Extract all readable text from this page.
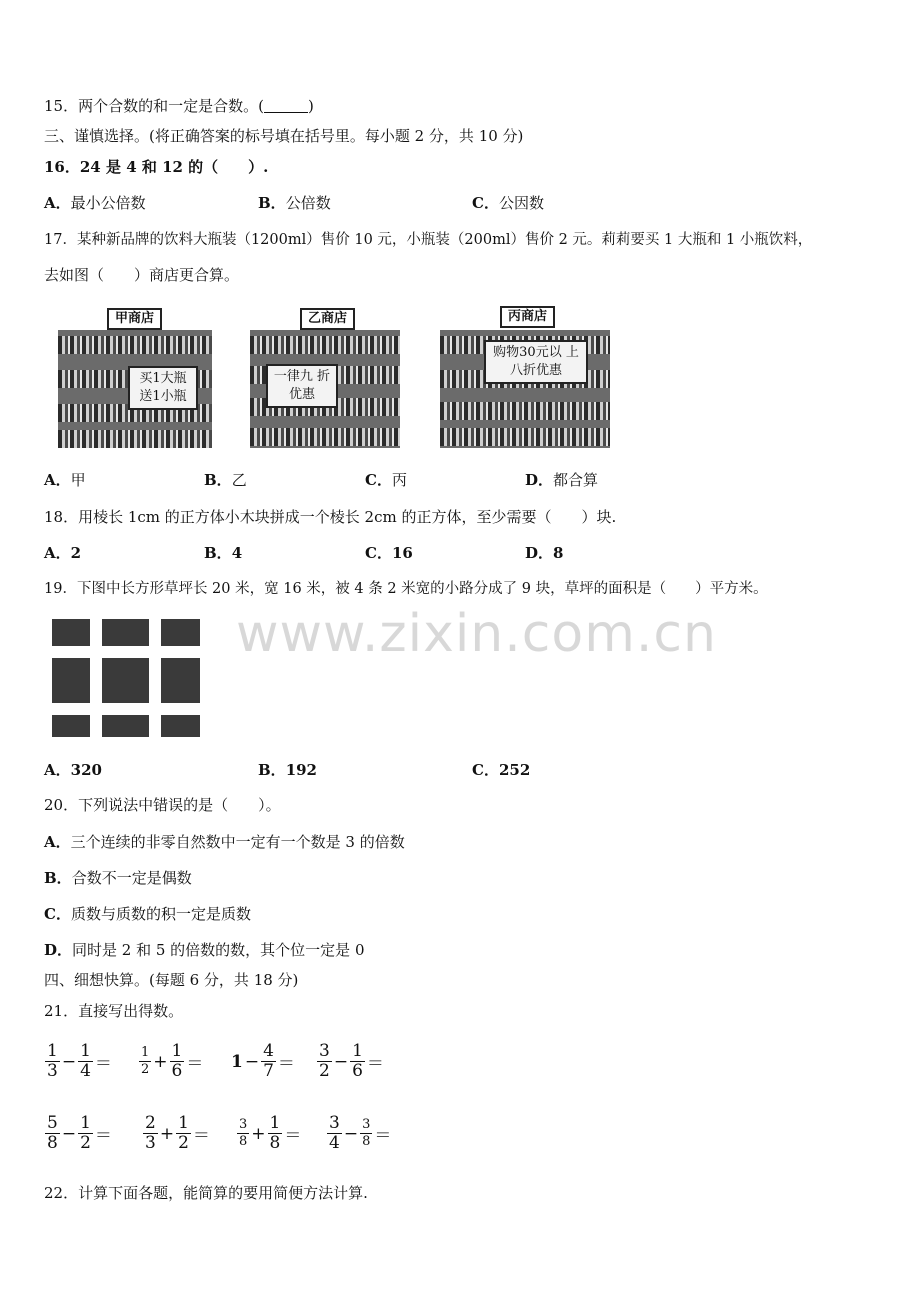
www.zixin.com.cn
15．两个合数的和一定是合数。(	)
三、谨慎选择。(将正确答案的标号填在括号里。每小题 2 分，共 10 分)
16．24 是 4 和 12 的（　　）.
A．最小公倍数	B．公倍数	C．公因数
17．某种新品牌的饮料大瓶装（1200ml）售价 10 元，小瓶装（200ml）售价 2 元。莉莉要买 1 大瓶和 1 小瓶饮料，
去如图（　　）商店更合算。
买1大瓶 送1小瓶
甲商店
一律九 折优惠
乙商店
购物30元以 上八折优惠
丙商店
A．甲	B．乙	C．丙	D．都合算
18．用棱长 1cm 的正方体小木块拼成一个棱长 2cm 的正方体，至少需要（　　）块.
A．2	B．4	C．16	D．8
19．下图中长方形草坪长 20 米，宽 16 米，被 4 条 2 米宽的小路分成了 9 块，草坪的面积是（　　）平方米。
A．320	B．192	C．252
20．下列说法中错误的是（　　）。
A．三个连续的非零自然数中一定有一个数是 3 的倍数
B．合数不一定是偶数
C．质数与质数的积一定是质数
D．同时是 2 和 5 的倍数的数，其个位一定是 0
四、细想快算。(每题 6 分，共 18 分)
21．直接写出得数。
$\frac{1}{3} - \frac{1}{4} = \frac{1}{2} + \frac{1}{6} = 1 - \frac{4}{7} = \frac{3}{2} - \frac{1}{6}$ ＝
$\frac{5}{8} - \frac{1}{2} = \frac{2}{3} + \frac{1}{2} = \frac{3}{8} + \frac{1}{8} = \frac{3}{4} - \frac{3}{8}$ ＝
22．计算下面各题，能简算的要用简便方法计算.
